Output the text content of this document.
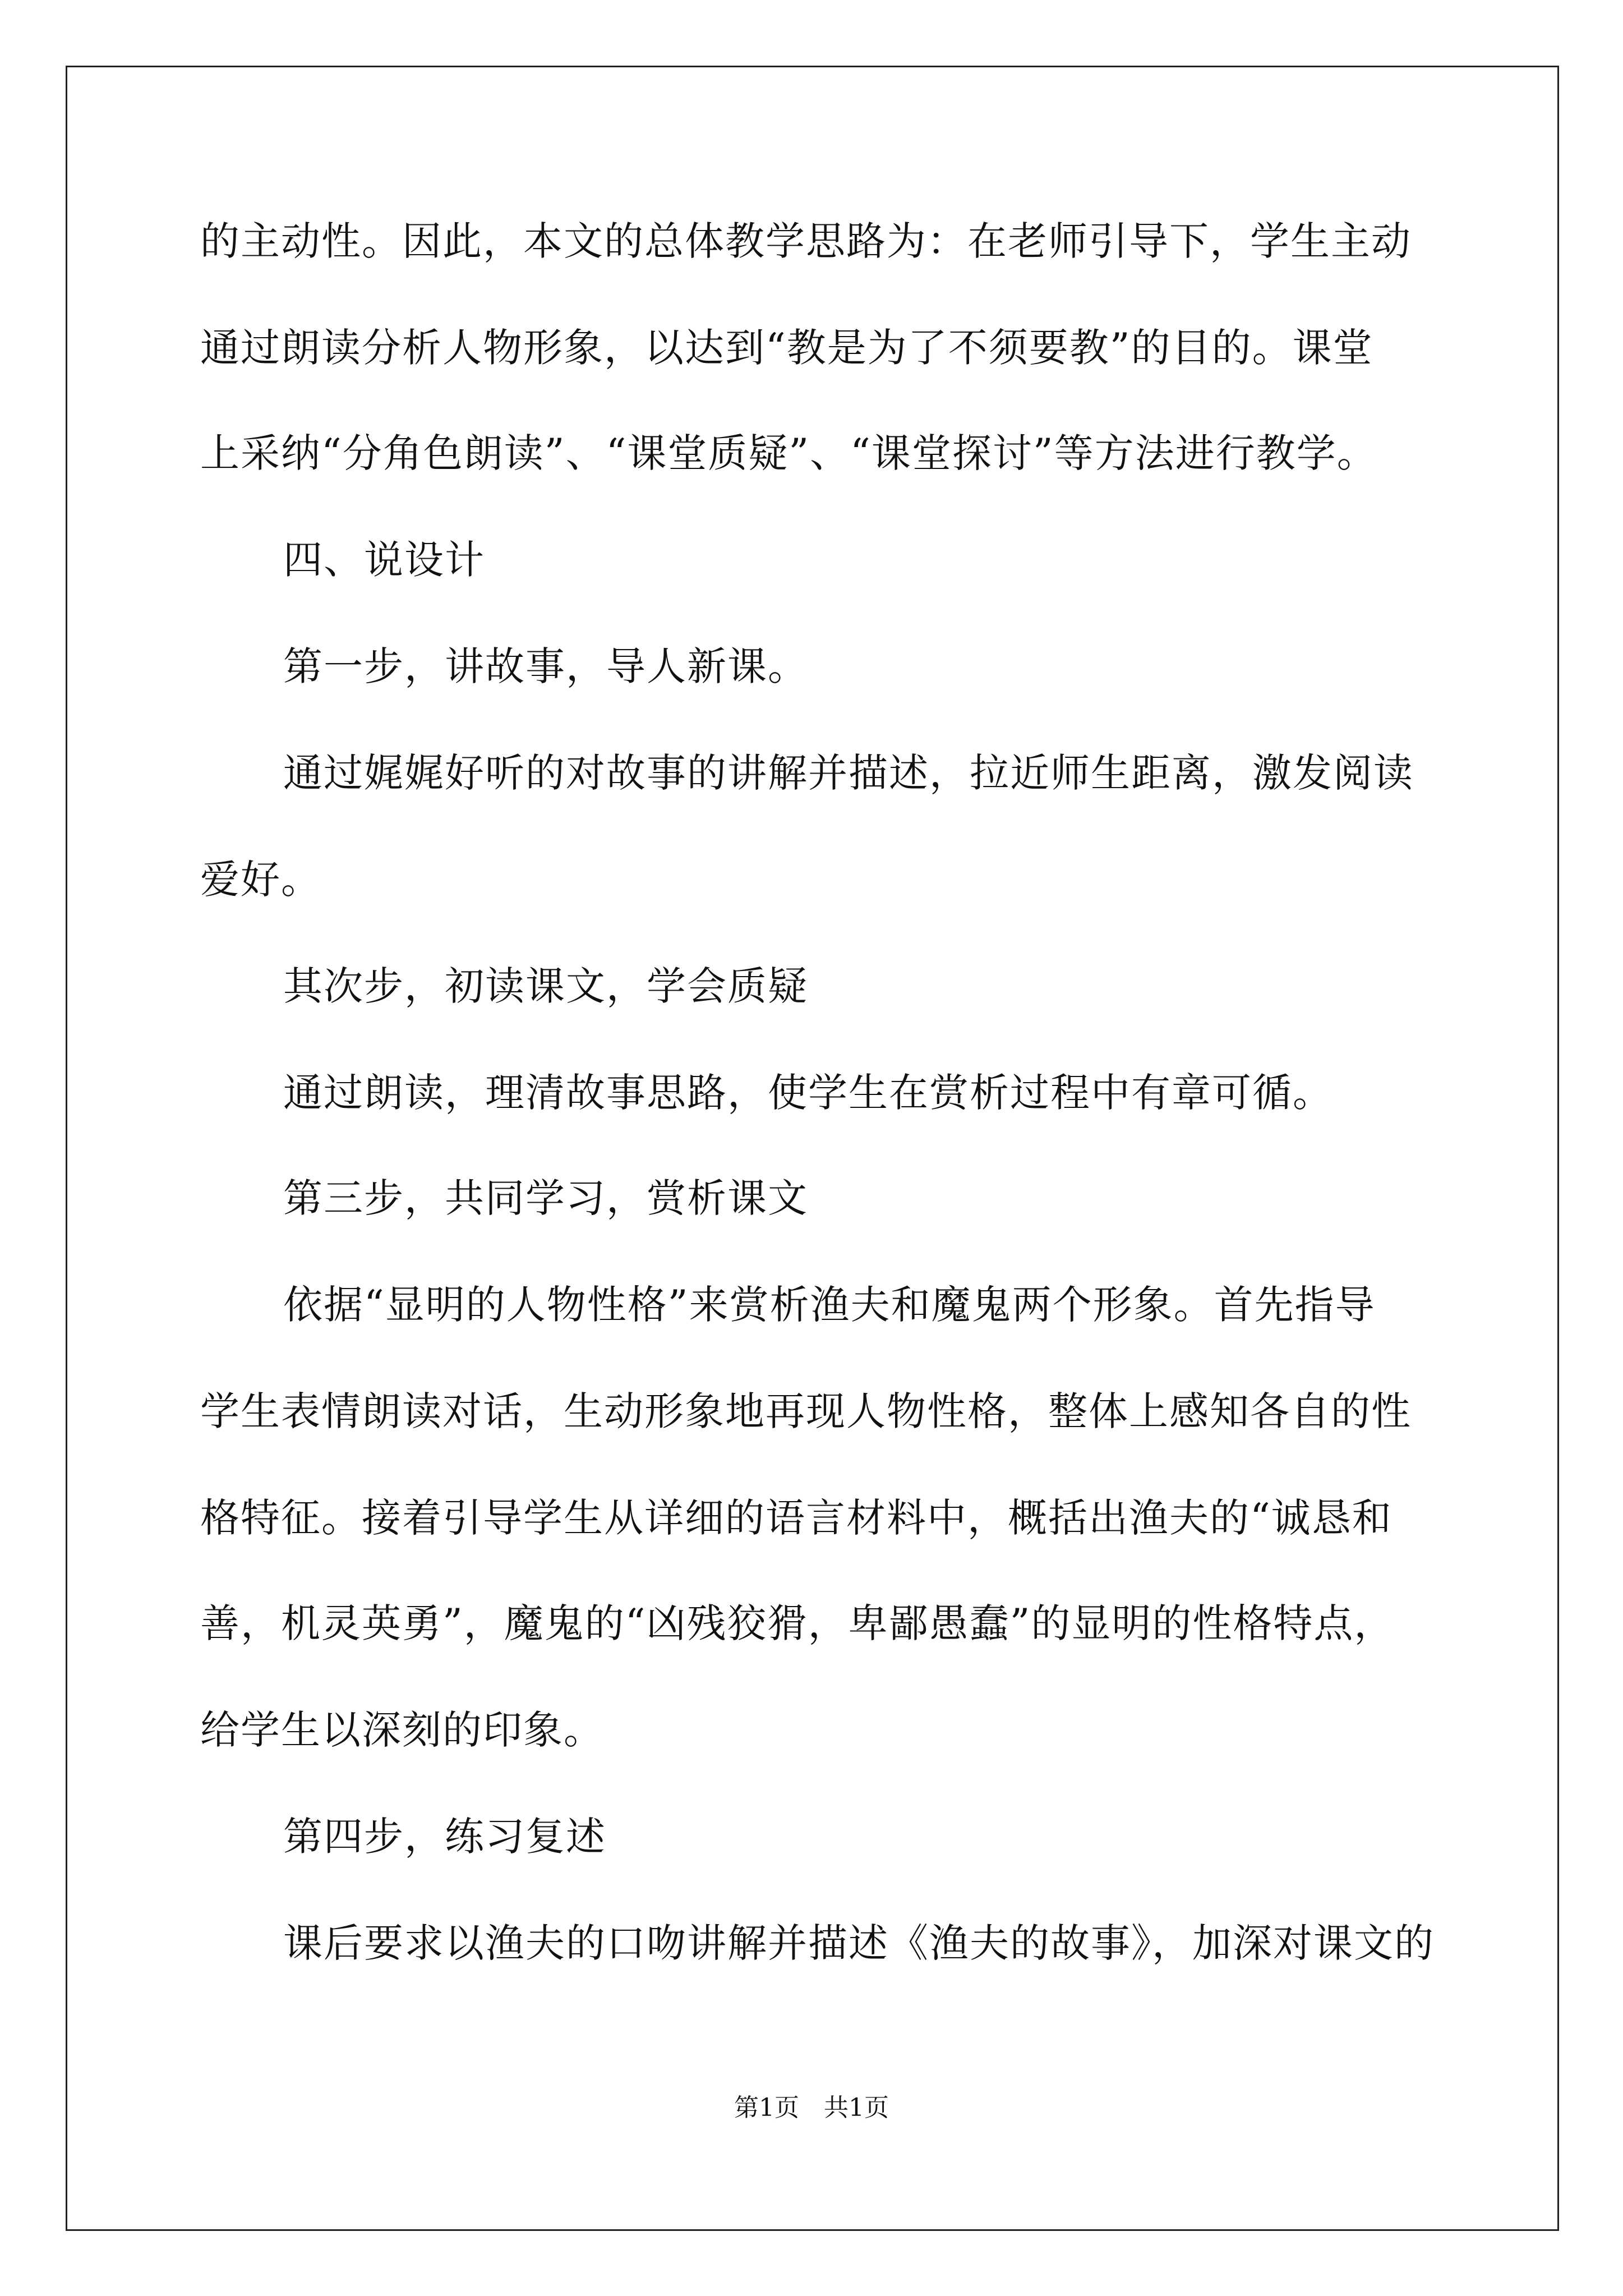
的主动性。因此，本文的总体教学思路为：在老师引导下，学生主动
通过朗读分析人物形象，以达到“教是为了不须要教”的目的。课堂
上采纳“分角色朗读”、“课堂质疑”、“课堂探讨”等方法进行教学。
四、说设计
第一步，讲故事，导人新课。
通过娓娓好听的对故事的讲解并描述，拉近师生距离，激发阅读
爱好。
其次步，初读课文，学会质疑
通过朗读，理清故事思路，使学生在赏析过程中有章可循。
第三步，共同学习，赏析课文
依据“显明的人物性格”来赏析渔夫和魔鬼两个形象。首先指导
学生表情朗读对话，生动形象地再现人物性格，整体上感知各自的性
格特征。接着引导学生从详细的语言材料中，概括出渔夫的“诚恳和
善，机灵英勇”，魔鬼的“凶残狡猾，卑鄙愚蠢”的显明的性格特点，
给学生以深刻的印象。
第四步，练习复述
课后要求以渔夫的口吻讲解并描述《渔夫的故事》，加深对课文的
第1页　共1页
